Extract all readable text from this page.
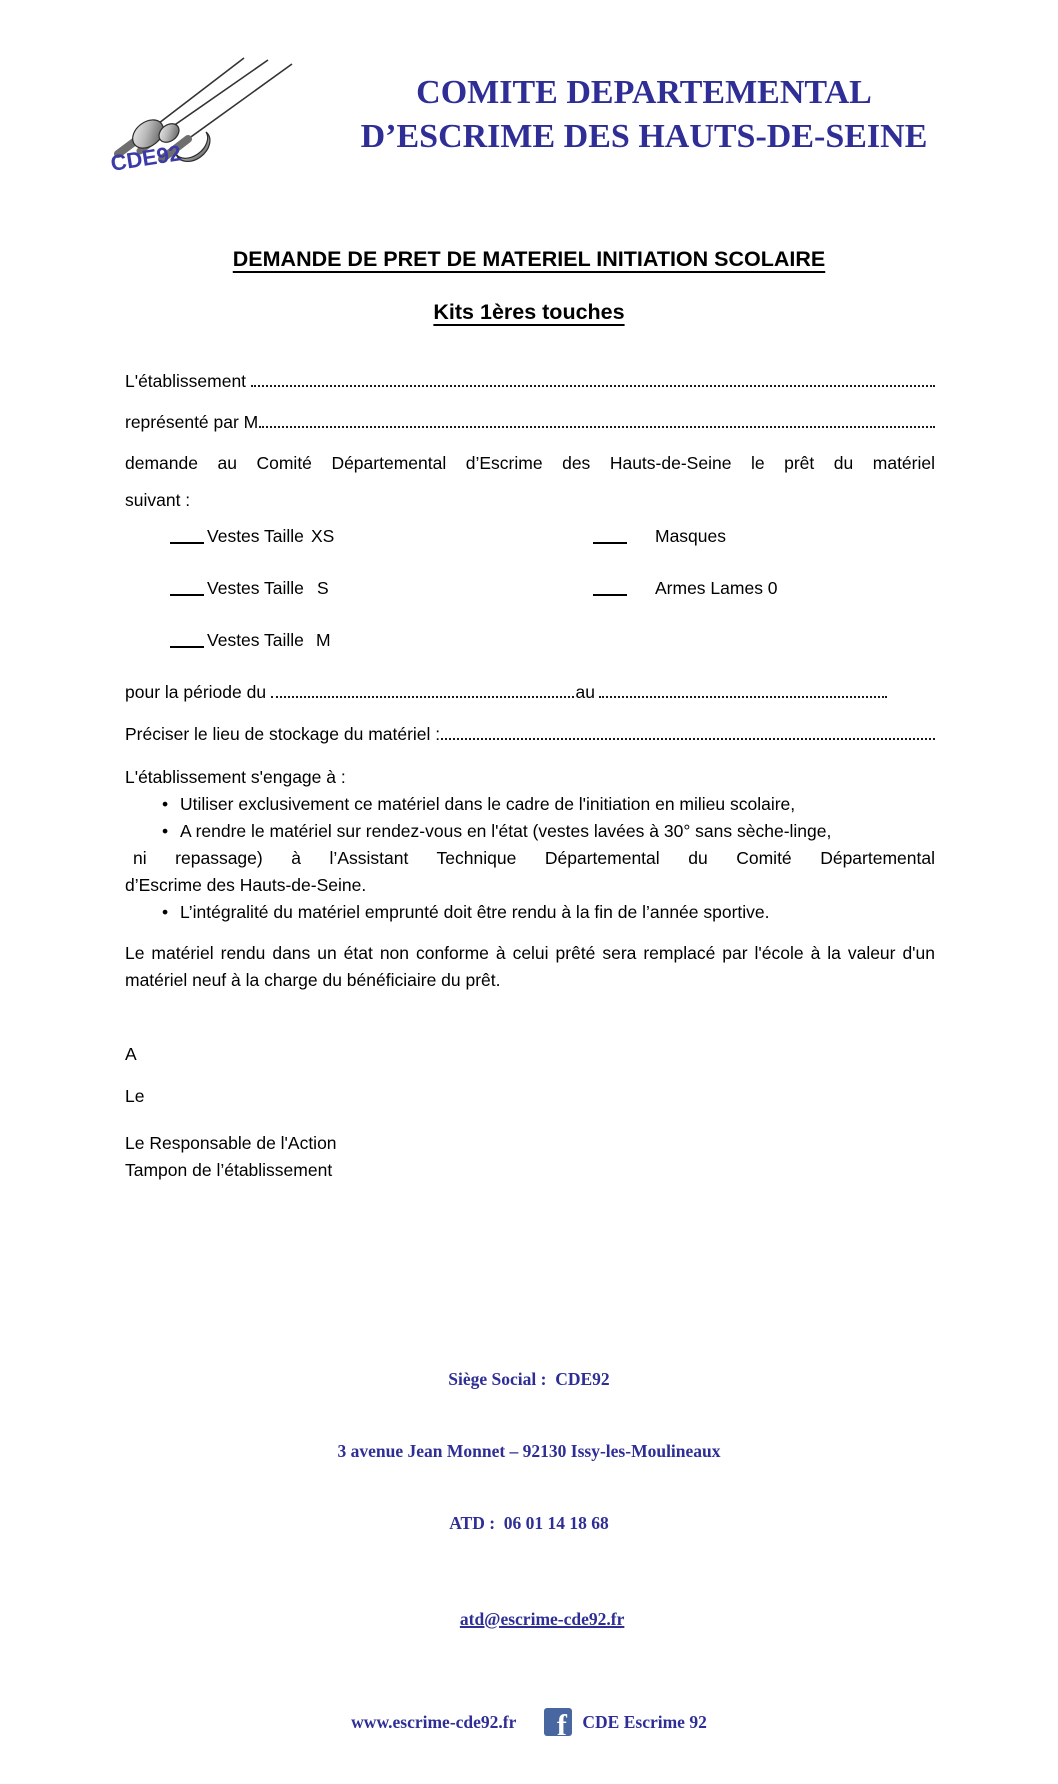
CDE92
COMITE DEPARTEMENTAL
D’ESCRIME DES HAUTS-DE-SEINE
DEMANDE DE PRET DE MATERIEL INITIATION SCOLAIRE
Kits 1ères touches
L'établissement
représenté par M
demande au Comité Départemental d’Escrime des Hauts-de-Seine le prêt du matériel
suivant :
Vestes Taille XS	Masques
Vestes Taille S	Armes Lames 0
Vestes Taille M
pour la période du	au
Préciser le lieu de stockage du matériel :
L'établissement s'engage à :
• Utiliser exclusivement ce matériel dans le cadre de l'initiation en milieu scolaire,
• A rendre le matériel sur rendez-vous en l'état (vestes lavées à 30° sans sèche-linge,
ni repassage) à l’Assistant Technique Départemental du Comité Départemental
d’Escrime des Hauts-de-Seine.
• L’intégralité du matériel emprunté doit être rendu à la fin de l’année sportive.
Le matériel rendu dans un état non conforme à celui prêté sera remplacé par l'école à la valeur d'un matériel neuf à la charge du bénéficiaire du prêt.
A
Le
Le Responsable de l'Action
Tampon de l’établissement

Siège Social :  CDE92

3 avenue Jean Monnet – 92130 Issy-les-Moulineaux

ATD :  06 01 14 18 68

atd@escrime-cde92.fr

www.escrime-cde92.fr f CDE Escrime 92
